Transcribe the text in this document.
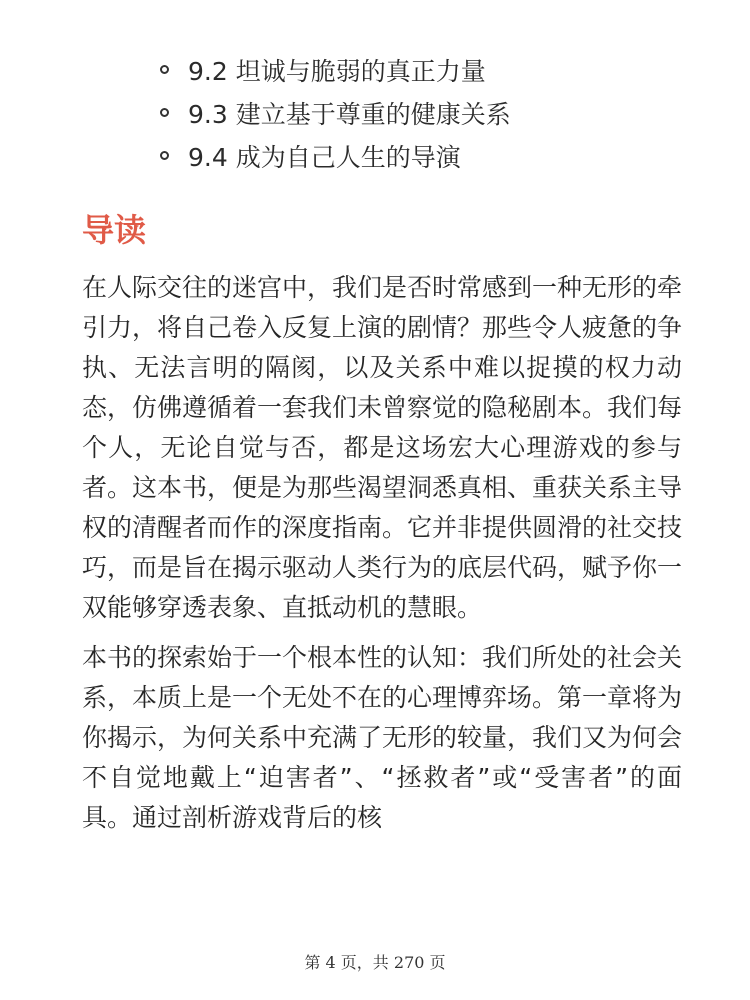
9.2 坦诚与脆弱的真正力量
9.3 建立基于尊重的健康关系
9.4 成为自己人生的导演
导读

在人际交往的迷宫中，我们是否时常感到一种无形的牵引力，将自己卷入反复上演的剧情？那些令人疲惫的争执、无法言明的隔阂，以及关系中难以捉摸的权力动态，仿佛遵循着一套我们未曾察觉的隐秘剧本。我们每个人，无论自觉与否，都是这场宏大心理游戏的参与者。这本书，便是为那些渴望洞悉真相、重获关系主导权的清醒者而作的深度指南。它并非提供圆滑的社交技巧，而是旨在揭示驱动人类行为的底层代码，赋予你一双能够穿透表象、直抵动机的慧眼。

本书的探索始于一个根本性的认知：我们所处的社会关系，本质上是一个无处不在的心理博弈场。第一章将为你揭示，为何关系中充满了无形的较量，我们又为何会不自觉地戴上“迫害者”、“拯救者”或“受害者”的面具。通过剖析游戏背后的核

第 4 页，共 270 页
